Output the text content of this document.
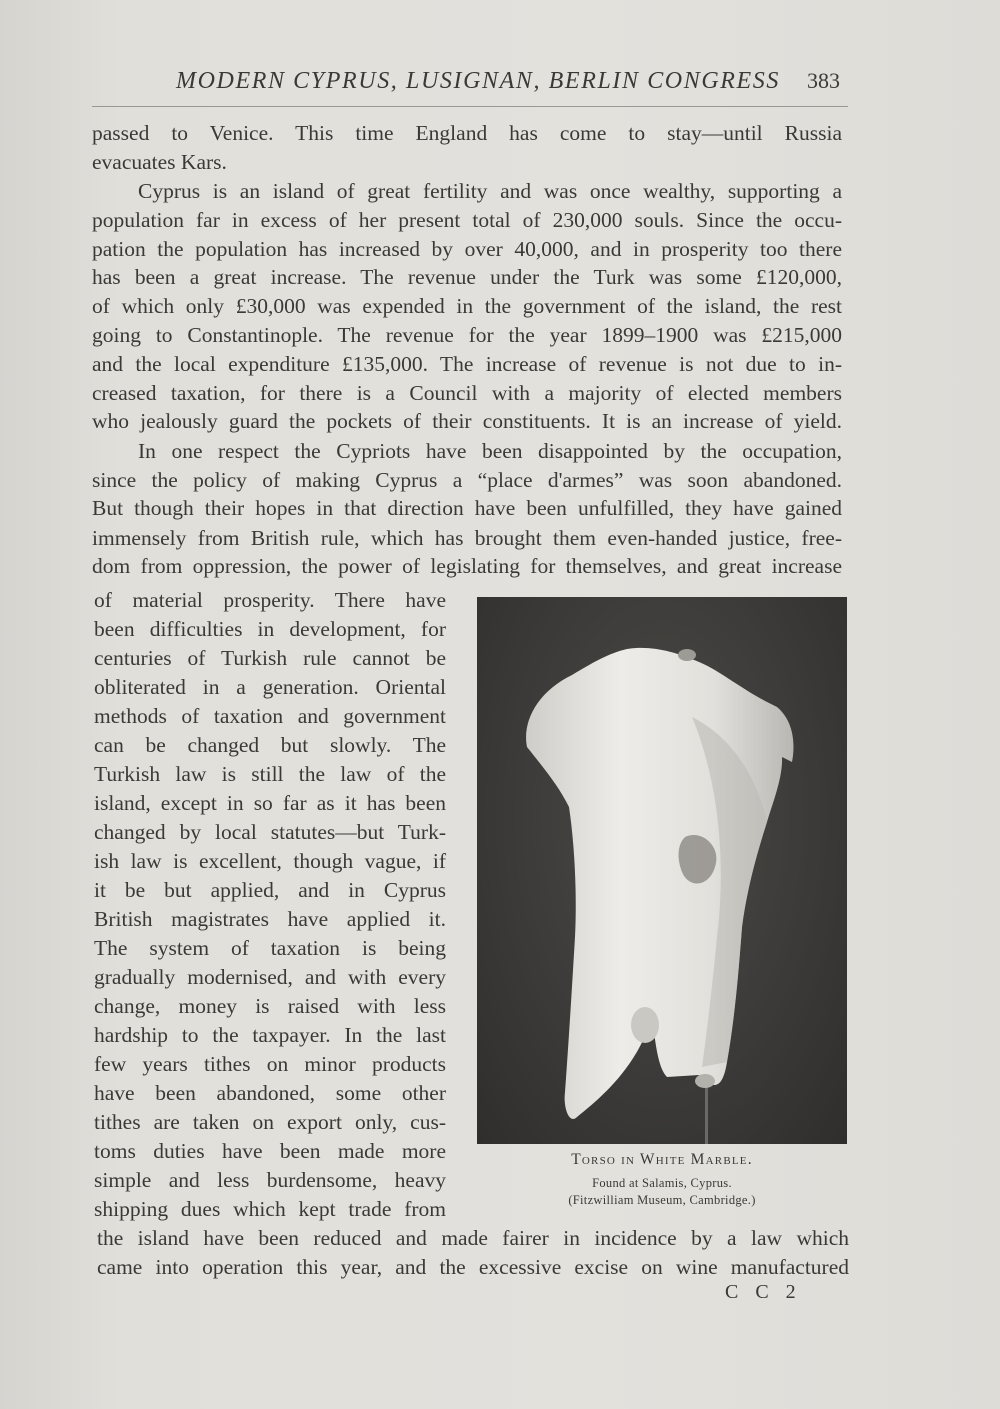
MODERN CYPRUS, LUSIGNAN, BERLIN CONGRESS 383
passed to Venice. This time England has come to stay—until Russia
evacuates Kars.
Cyprus is an island of great fertility and was once wealthy, supporting a
population far in excess of her present total of 230,000 souls. Since the occu-
pation the population has increased by over 40,000, and in prosperity too there
has been a great increase. The revenue under the Turk was some £120,000,
of which only £30,000 was expended in the government of the island, the rest
going to Constantinople. The revenue for the year 1899–1900 was £215,000
and the local expenditure £135,000. The increase of revenue is not due to in-
creased taxation, for there is a Council with a majority of elected members
who jealously guard the pockets of their constituents. It is an increase of yield.
In one respect the Cypriots have been disappointed by the occupation,
since the policy of making Cyprus a “place d'armes” was soon abandoned.
But though their hopes in that direction have been unfulfilled, they have gained
immensely from British rule, which has brought them even-handed justice, free-
dom from oppression, the power of legislating for themselves, and great increase
of material prosperity. There have
been difficulties in development, for
centuries of Turkish rule cannot be
obliterated in a generation. Oriental
methods of taxation and government
can be changed but slowly. The
Turkish law is still the law of the
island, except in so far as it has been
changed by local statutes—but Turk-
ish law is excellent, though vague, if
it be but applied, and in Cyprus
British magistrates have applied it.
The system of taxation is being
gradually modernised, and with every
change, money is raised with less
hardship to the taxpayer. In the last
few years tithes on minor products
have been abandoned, some other
tithes are taken on export only, cus-
toms duties have been made more
simple and less burdensome, heavy
shipping dues which kept trade from
the island have been reduced and made fairer in incidence by a law which
came into operation this year, and the excessive excise on wine manufactured
Torso in White Marble.
Found at Salamis, Cyprus.
(Fitzwilliam Museum, Cambridge.)
C C 2
